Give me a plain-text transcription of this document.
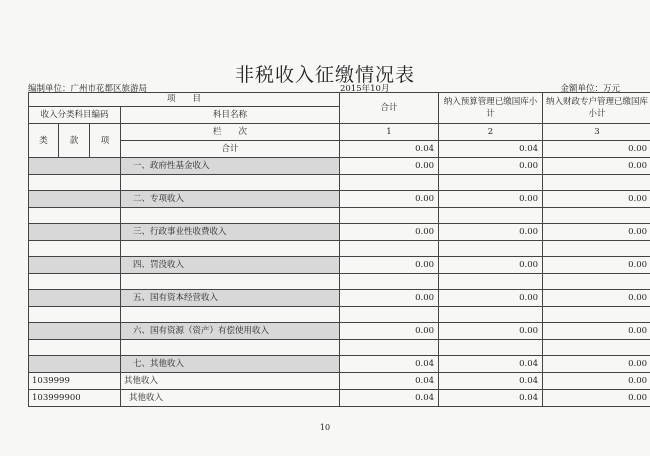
非税收入征缴情况表
编制单位：广州市花都区旅游局	2015年10月	金额单位：万元
项　　目				合计	纳入预算管理已缴国库小计	纳入财政专户管理已缴国库小计
收入分类科目编码			科目名称			
类	款	项	栏　　次	1	2	3
			合计	0.04	0.04	0.00
			一、政府性基金收入	0.00	0.00	0.00

			二、专项收入	0.00	0.00	0.00

			三、行政事业性收费收入	0.00	0.00	0.00

			四、罚没收入	0.00	0.00	0.00

			五、国有资本经营收入	0.00	0.00	0.00

			六、国有资源（资产）有偿使用收入	0.00	0.00	0.00

			七、其他收入	0.04	0.04	0.00
1039999			其他收入	0.04	0.04	0.00
103999900			其他收入	0.04	0.04	0.00
10
